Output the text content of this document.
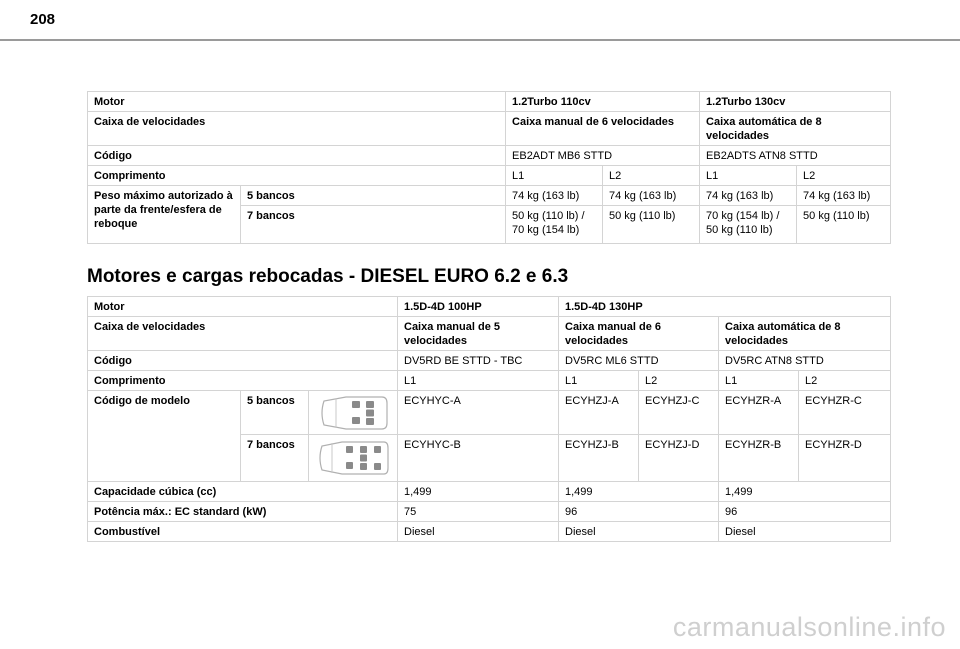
208
Motor		1.2Turbo 110cv		1.2Turbo 130cv	
Caixa de velocidades		Caixa manual de 6 velocidades		Caixa automática de 8 velocidades	
Código		EB2ADT MB6 STTD		EB2ADTS ATN8 STTD	
Comprimento		L1	L2	L1	L2
Peso máximo autorizado à parte da frente/esfera de reboque	5 bancos	74 kg (163 lb)	74 kg (163 lb)	74 kg (163 lb)	74 kg (163 lb)
	7 bancos	50 kg (110 lb) / 70 kg (154 lb)	50 kg (110 lb)	70 kg (154 lb) / 50 kg (110 lb)	50 kg (110 lb)
Motores e cargas rebocadas - DIESEL EURO 6.2 e 6.3
Motor			1.5D-4D 100HP	1.5D-4D 130HP			
Caixa de velocidades			Caixa manual de 5 velocidades	Caixa manual de 6 velocidades		Caixa automática de 8 velocidades	
Código			DV5RD BE STTD - TBC	DV5RC ML6 STTD		DV5RC ATN8 STTD	
Comprimento			L1	L1	L2	L1	L2
Código de modelo	5 bancos		ECYHYC-A	ECYHZJ-A	ECYHZJ-C	ECYHZR-A	ECYHZR-C
	7 bancos		ECYHYC-B	ECYHZJ-B	ECYHZJ-D	ECYHZR-B	ECYHZR-D
Capacidade cúbica (cc)			1,499	1,499		1,499	
Potência máx.: EC standard (kW)			75	96		96	
Combustível			Diesel	Diesel		Diesel	
carmanualsonline.info
